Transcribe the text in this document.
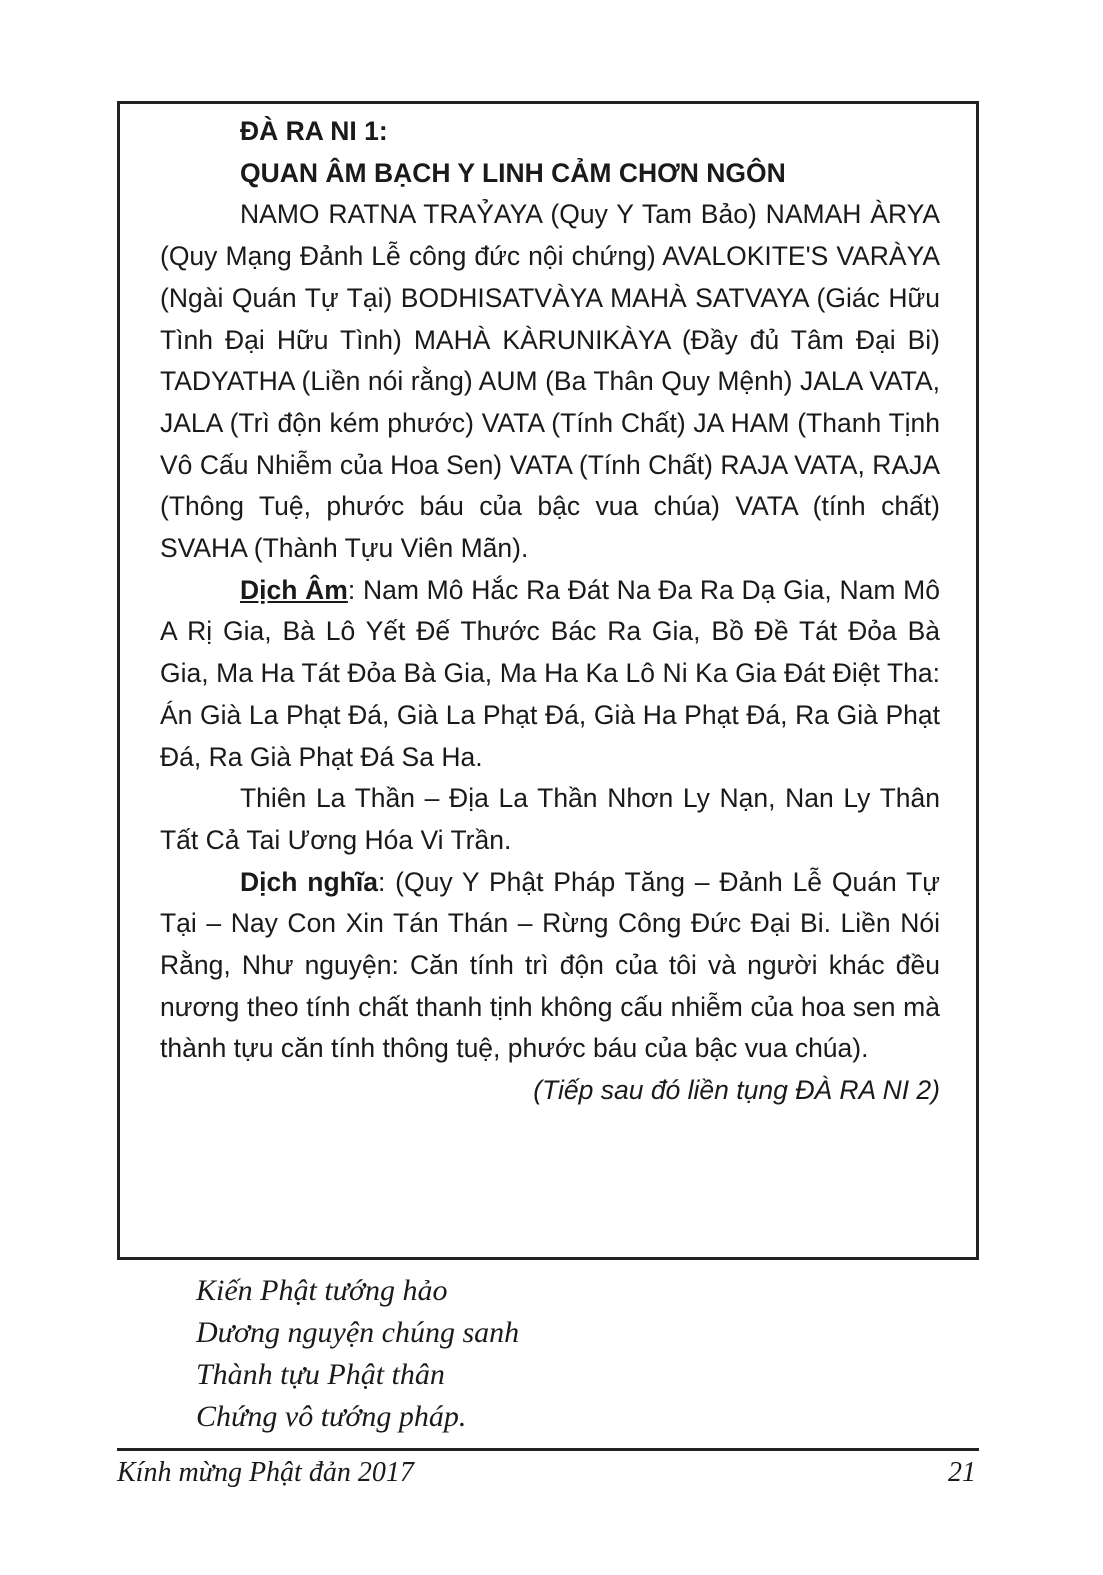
ĐÀ RA NI 1:

QUAN ÂM BẠCH Y LINH CẢM CHƠN NGÔN

NAMO RATNA TRAỶAYA (Quy Y Tam Bảo) NAMAH ÀRYA (Quy Mạng Đảnh Lễ công đức nội chứng) AVALOKITE'S VARÀYA (Ngài Quán Tự Tại) BODHISATVÀYA MAHÀ SATVAYA (Giác Hữu Tình Đại Hữu Tình) MAHÀ KÀRUNIKÀYA (Đầy đủ Tâm Đại Bi) TADYATHA (Liền nói rằng) AUM (Ba Thân Quy Mệnh) JALA VATA, JALA (Trì độn kém phước) VATA (Tính Chất) JA HAM (Thanh Tịnh Vô Cấu Nhiễm của Hoa Sen) VATA (Tính Chất) RAJA VATA, RAJA (Thông Tuệ, phước báu của bậc vua chúa) VATA (tính chất) SVAHA (Thành Tựu Viên Mãn).

Dịch Âm: Nam Mô Hắc Ra Đát Na Đa Ra Dạ Gia, Nam Mô A Rị Gia, Bà Lô Yết Đế Thước Bác Ra Gia, Bồ Đề Tát Đỏa Bà Gia, Ma Ha Tát Đỏa Bà Gia, Ma Ha Ka Lô Ni Ka Gia Đát Điệt Tha: Án Già La Phạt Đá, Già La Phạt Đá, Già Ha Phạt Đá, Ra Già Phạt Đá, Ra Già Phạt Đá Sa Ha.

Thiên La Thần – Địa La Thần Nhơn Ly Nạn, Nan Ly Thân Tất Cả Tai Ương Hóa Vi Trần.

Dịch nghĩa: (Quy Y Phật Pháp Tăng – Đảnh Lễ Quán Tự Tại – Nay Con Xin Tán Thán – Rừng Công Đức Đại Bi. Liền Nói Rằng, Như nguyện: Căn tính trì độn của tôi và người khác đều nương theo tính chất thanh tịnh không cấu nhiễm của hoa sen mà thành tựu căn tính thông tuệ, phước báu của bậc vua chúa).

(Tiếp sau đó liền tụng ĐÀ RA NI 2)

Kiến Phật tướng hảo
Dương nguyện chúng sanh
Thành tựu Phật thân
Chứng vô tướng pháp.
Kính mừng Phật đản 2017	21
